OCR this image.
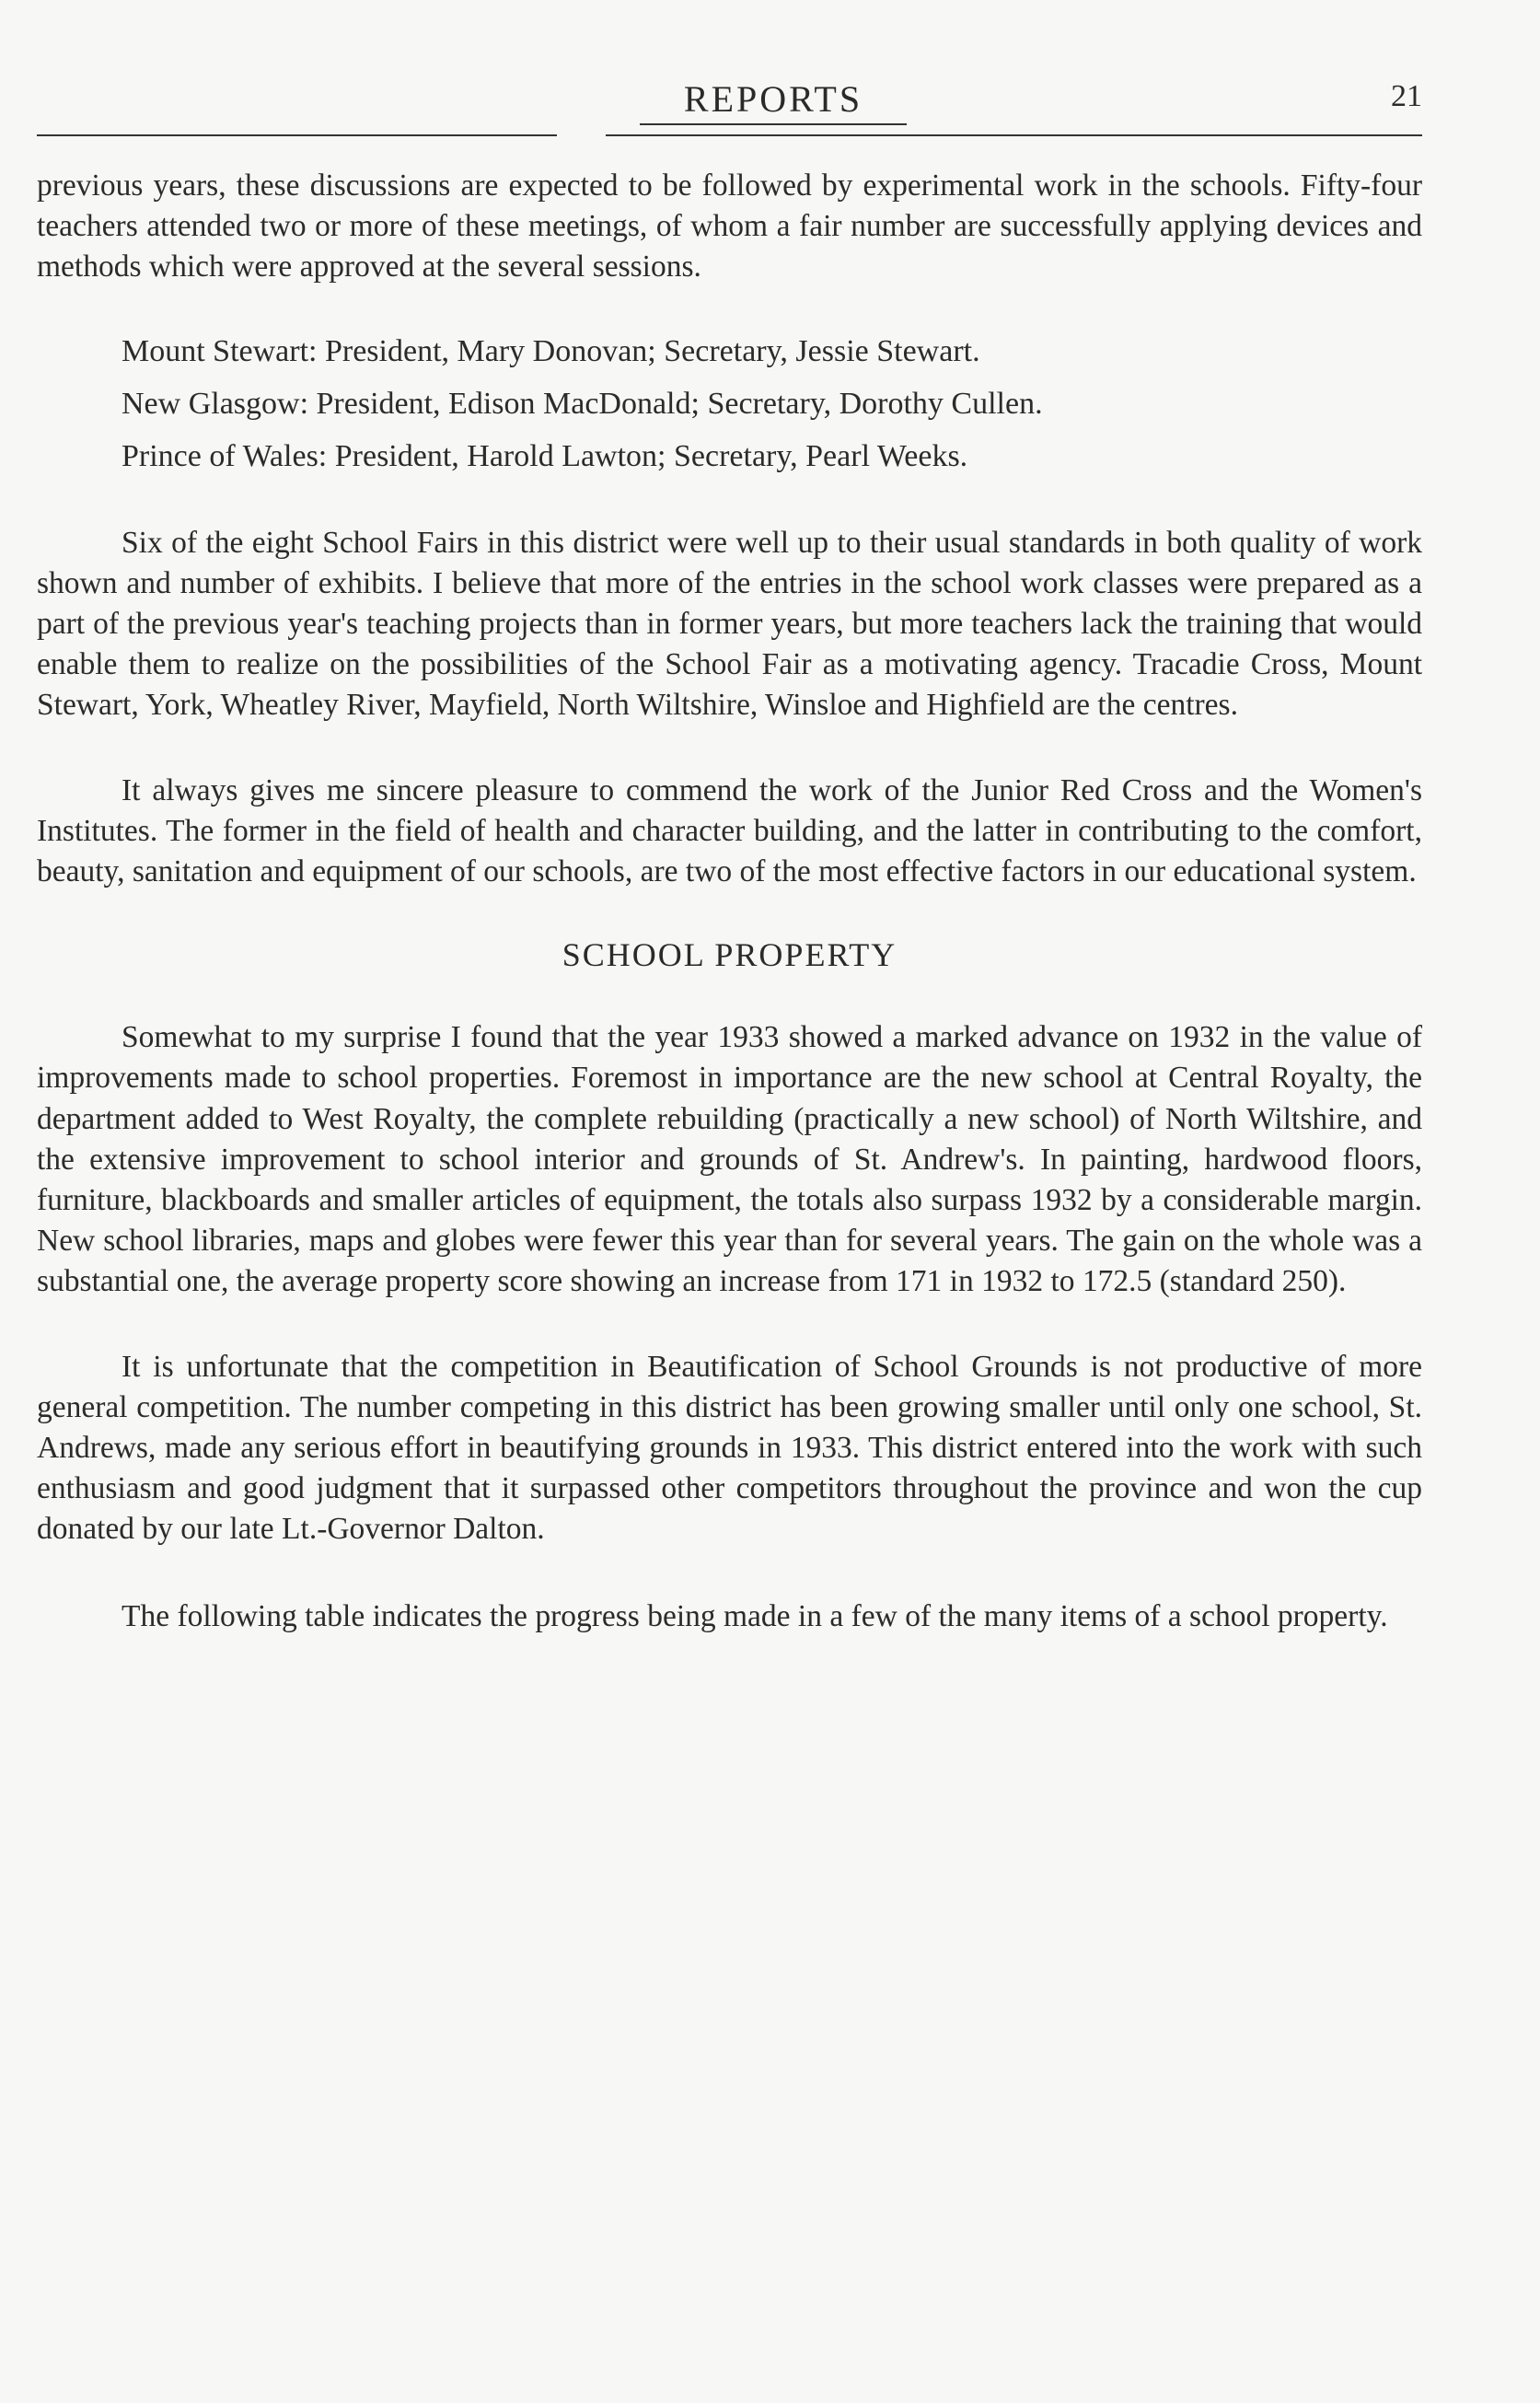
REPORTS	21

previous years, these discussions are expected to be followed by experimental work in the schools. Fifty-four teachers attended two or more of these meetings, of whom a fair number are successfully applying devices and methods which were approved at the several sessions.

Mount Stewart: President, Mary Donovan; Secretary, Jessie Stewart.
New Glasgow: President, Edison MacDonald; Secretary, Dorothy Cullen.
Prince of Wales: President, Harold Lawton; Secretary, Pearl Weeks.

Six of the eight School Fairs in this district were well up to their usual standards in both quality of work shown and number of exhibits. I believe that more of the entries in the school work classes were prepared as a part of the previous year's teaching projects than in former years, but more teachers lack the training that would enable them to realize on the possibilities of the School Fair as a motivating agency. Tracadie Cross, Mount Stewart, York, Wheatley River, Mayfield, North Wiltshire, Winsloe and Highfield are the centres.

It always gives me sincere pleasure to commend the work of the Junior Red Cross and the Women's Institutes. The former in the field of health and character building, and the latter in contributing to the comfort, beauty, sanitation and equipment of our schools, are two of the most effective factors in our educational system.

SCHOOL PROPERTY

Somewhat to my surprise I found that the year 1933 showed a marked advance on 1932 in the value of improvements made to school properties. Foremost in importance are the new school at Central Royalty, the department added to West Royalty, the complete rebuilding (practically a new school) of North Wiltshire, and the extensive improvement to school interior and grounds of St. Andrew's. In painting, hardwood floors, furniture, blackboards and smaller articles of equipment, the totals also surpass 1932 by a considerable margin. New school libraries, maps and globes were fewer this year than for several years. The gain on the whole was a substantial one, the average property score showing an increase from 171 in 1932 to 172.5 (standard 250).

It is unfortunate that the competition in Beautification of School Grounds is not productive of more general competition. The number competing in this district has been growing smaller until only one school, St. Andrews, made any serious effort in beautifying grounds in 1933. This district entered into the work with such enthusiasm and good judgment that it surpassed other competitors throughout the province and won the cup donated by our late Lt.-Governor Dalton.

The following table indicates the progress being made in a few of the many items of a school property.
